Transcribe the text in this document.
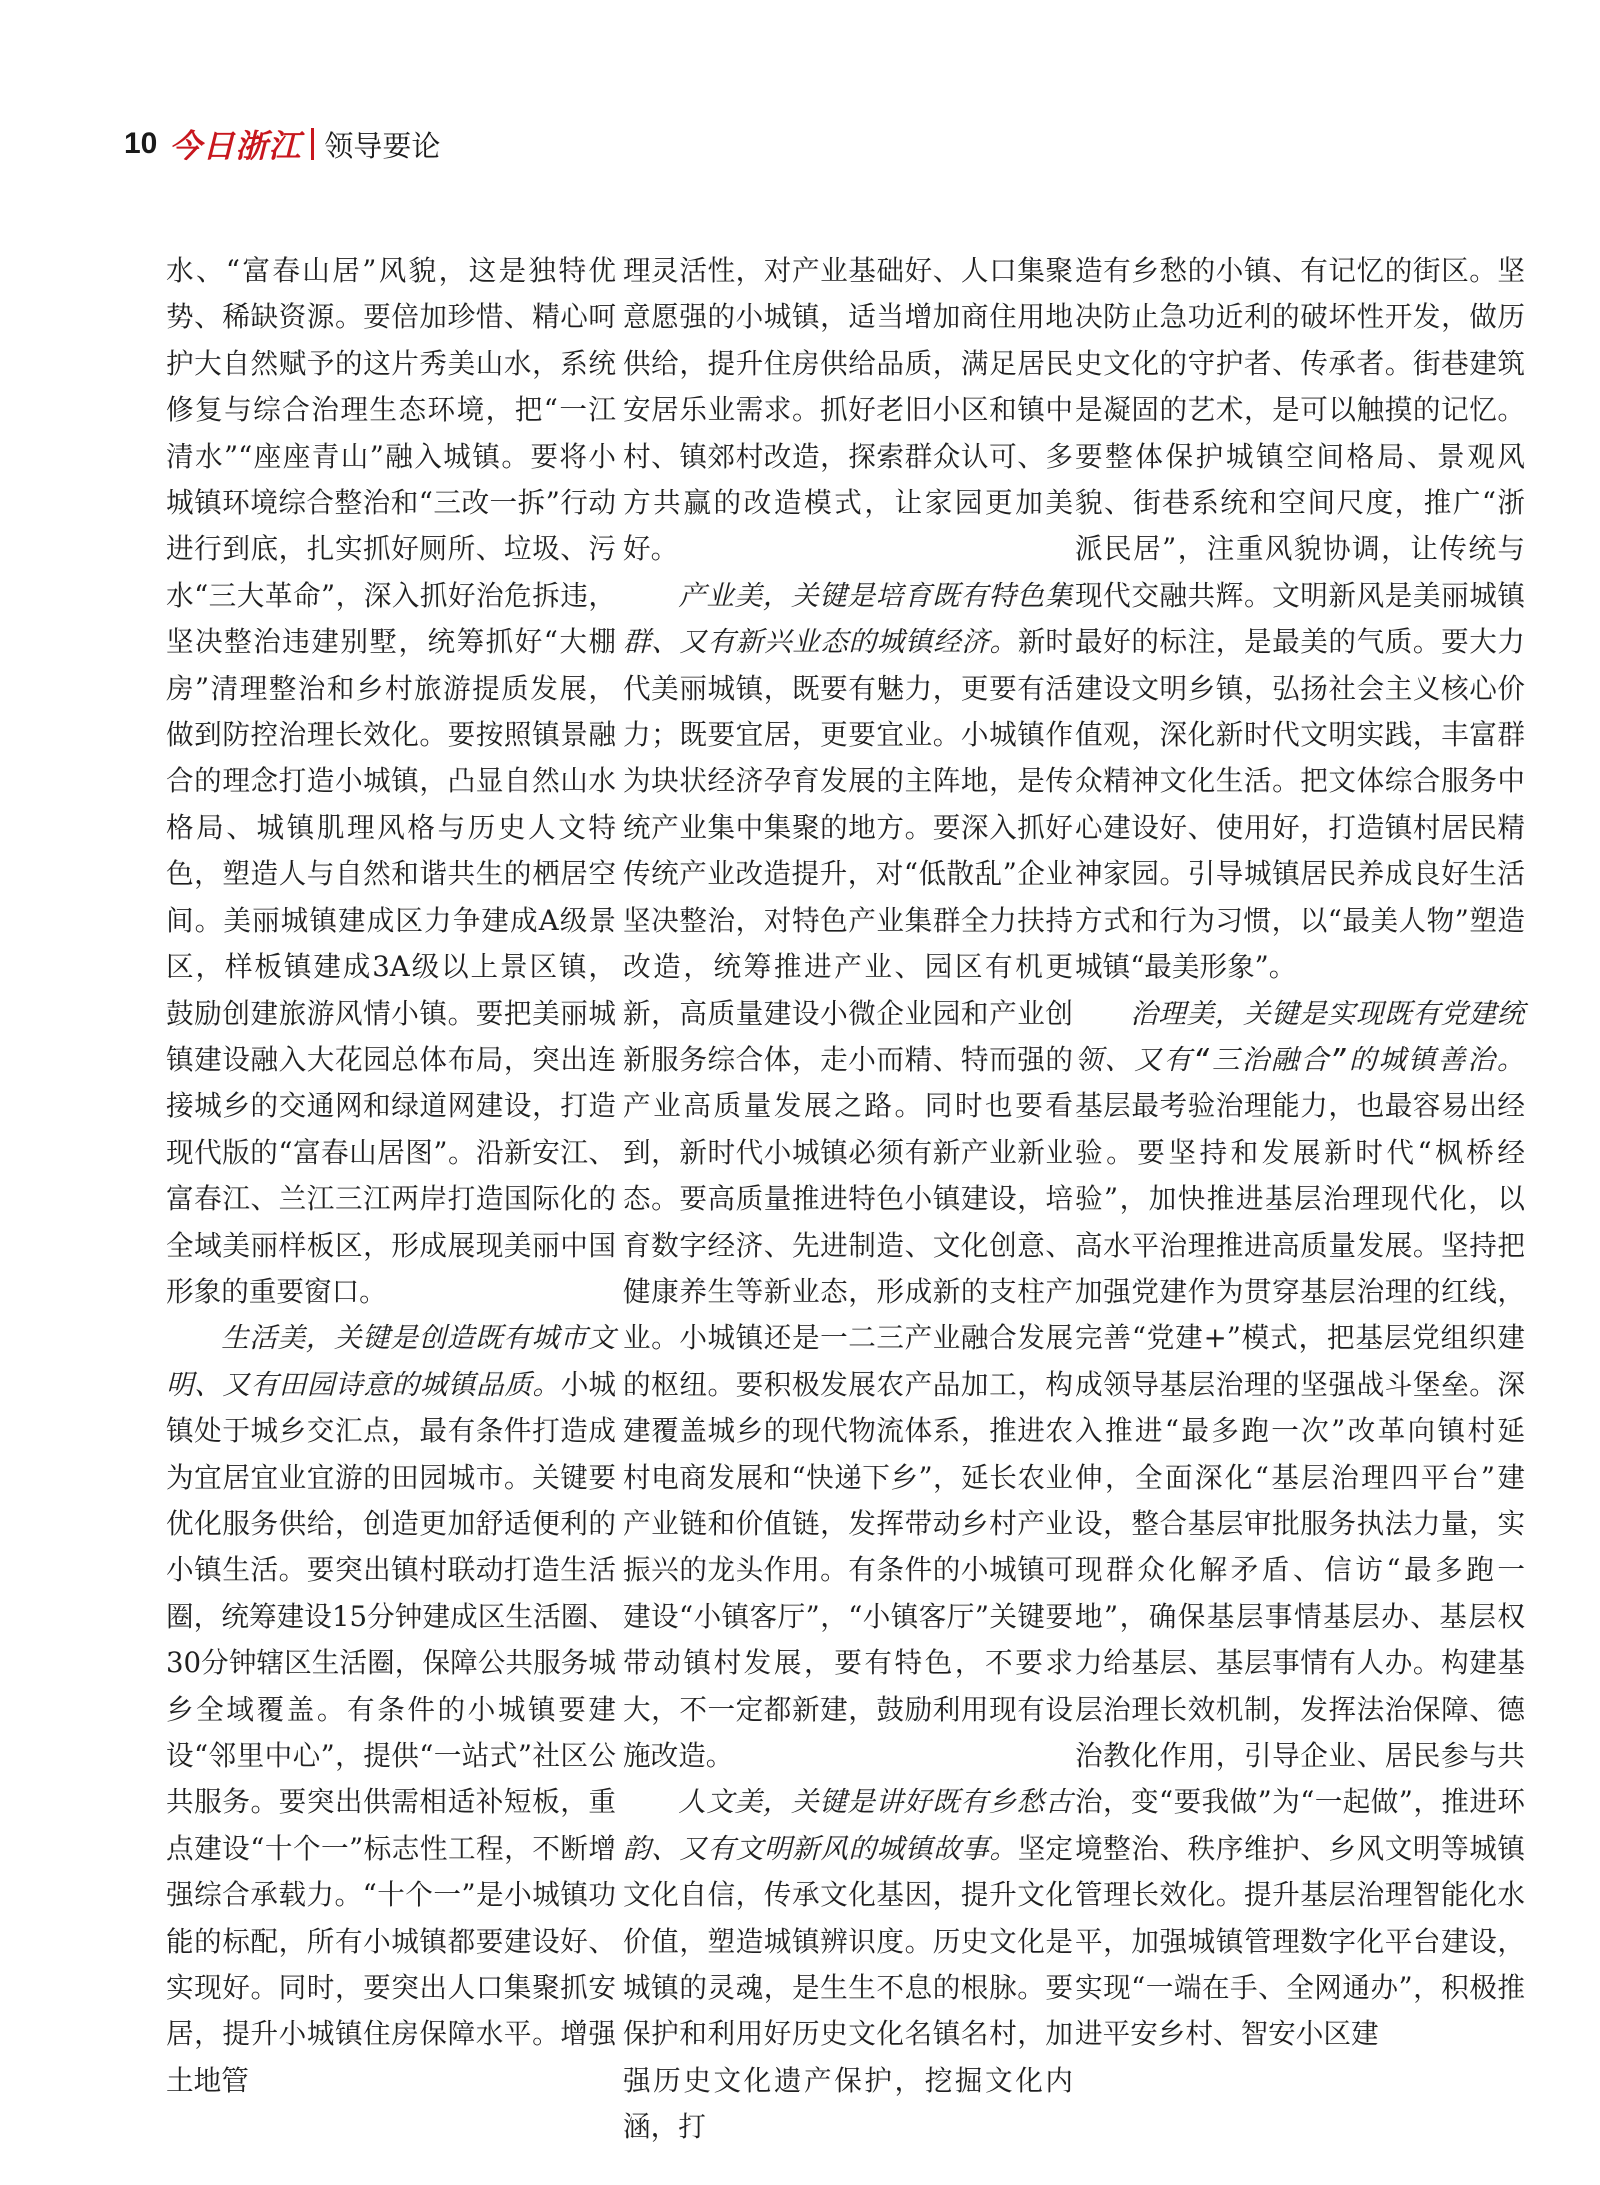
10 今日浙江 领导要论

水、“富春山居”风貌，这是独特优势、稀缺资源。要倍加珍惜、精心呵护大自然赋予的这片秀美山水，系统修复与综合治理生态环境，把“一江清水”“座座青山”融入城镇。要将小城镇环境综合整治和“三改一拆”行动进行到底，扎实抓好厕所、垃圾、污水“三大革命”，深入抓好治危拆违，坚决整治违建别墅，统筹抓好“大棚房”清理整治和乡村旅游提质发展，做到防控治理长效化。要按照镇景融合的理念打造小城镇，凸显自然山水格局、城镇肌理风格与历史人文特色，塑造人与自然和谐共生的栖居空间。美丽城镇建成区力争建成A级景区，样板镇建成3A级以上景区镇，鼓励创建旅游风情小镇。要把美丽城镇建设融入大花园总体布局，突出连接城乡的交通网和绿道网建设，打造现代版的“富春山居图”。沿新安江、富春江、兰江三江两岸打造国际化的全域美丽样板区，形成展现美丽中国形象的重要窗口。

生活美，关键是创造既有城市文明、又有田园诗意的城镇品质。小城镇处于城乡交汇点，最有条件打造成为宜居宜业宜游的田园城市。关键要优化服务供给，创造更加舒适便利的小镇生活。要突出镇村联动打造生活圈，统筹建设15分钟建成区生活圈、30分钟辖区生活圈，保障公共服务城乡全域覆盖。有条件的小城镇要建设“邻里中心”，提供“一站式”社区公共服务。要突出供需相适补短板，重点建设“十个一”标志性工程，不断增强综合承载力。“十个一”是小城镇功能的标配，所有小城镇都要建设好、实现好。同时，要突出人口集聚抓安居，提升小城镇住房保障水平。增强土地管

理灵活性，对产业基础好、人口集聚意愿强的小城镇，适当增加商住用地供给，提升住房供给品质，满足居民安居乐业需求。抓好老旧小区和镇中村、镇郊村改造，探索群众认可、多方共赢的改造模式，让家园更加美好。

产业美，关键是培育既有特色集群、又有新兴业态的城镇经济。新时代美丽城镇，既要有魅力，更要有活力；既要宜居，更要宜业。小城镇作为块状经济孕育发展的主阵地，是传统产业集中集聚的地方。要深入抓好传统产业改造提升，对“低散乱”企业坚决整治，对特色产业集群全力扶持改造，统筹推进产业、园区有机更新，高质量建设小微企业园和产业创新服务综合体，走小而精、特而强的产业高质量发展之路。同时也要看到，新时代小城镇必须有新产业新业态。要高质量推进特色小镇建设，培育数字经济、先进制造、文化创意、健康养生等新业态，形成新的支柱产业。小城镇还是一二三产业融合发展的枢纽。要积极发展农产品加工，构建覆盖城乡的现代物流体系，推进农村电商发展和“快递下乡”，延长农业产业链和价值链，发挥带动乡村产业振兴的龙头作用。有条件的小城镇可建设“小镇客厅”，“小镇客厅”关键要带动镇村发展，要有特色，不要求大，不一定都新建，鼓励利用现有设施改造。

人文美，关键是讲好既有乡愁古韵、又有文明新风的城镇故事。坚定文化自信，传承文化基因，提升文化价值，塑造城镇辨识度。历史文化是城镇的灵魂，是生生不息的根脉。要保护和利用好历史文化名镇名村，加强历史文化遗产保护，挖掘文化内涵，打

造有乡愁的小镇、有记忆的街区。坚决防止急功近利的破坏性开发，做历史文化的守护者、传承者。街巷建筑是凝固的艺术，是可以触摸的记忆。要整体保护城镇空间格局、景观风貌、街巷系统和空间尺度，推广“浙派民居”，注重风貌协调，让传统与现代交融共辉。文明新风是美丽城镇最好的标注，是最美的气质。要大力建设文明乡镇，弘扬社会主义核心价值观，深化新时代文明实践，丰富群众精神文化生活。把文体综合服务中心建设好、使用好，打造镇村居民精神家园。引导城镇居民养成良好生活方式和行为习惯，以“最美人物”塑造城镇“最美形象”。

治理美，关键是实现既有党建统领、又有“三治融合”的城镇善治。基层最考验治理能力，也最容易出经验。要坚持和发展新时代“枫桥经验”，加快推进基层治理现代化，以高水平治理推进高质量发展。坚持把加强党建作为贯穿基层治理的红线，完善“党建+”模式，把基层党组织建成领导基层治理的坚强战斗堡垒。深入推进“最多跑一次”改革向镇村延伸，全面深化“基层治理四平台”建设，整合基层审批服务执法力量，实现群众化解矛盾、信访“最多跑一地”，确保基层事情基层办、基层权力给基层、基层事情有人办。构建基层治理长效机制，发挥法治保障、德治教化作用，引导企业、居民参与共治，变“要我做”为“一起做”，推进环境整治、秩序维护、乡风文明等城镇管理长效化。提升基层治理智能化水平，加强城镇管理数字化平台建设，实现“一端在手、全网通办”，积极推进平安乡村、智安小区建
